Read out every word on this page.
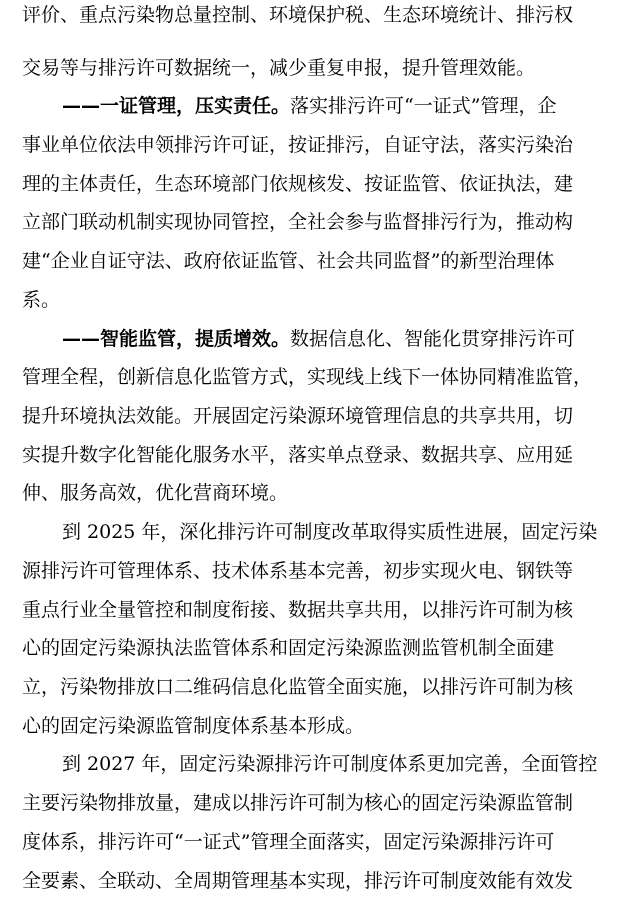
评价、重点污染物总量控制、环境保护税、生态环境统计、排污权
交易等与排污许可数据统一，减少重复申报，提升管理效能。
——一证管理，压实责任。落实排污许可“一证式”管理，企
事业单位依法申领排污许可证，按证排污，自证守法，落实污染治
理的主体责任，生态环境部门依规核发、按证监管、依证执法，建
立部门联动机制实现协同管控，全社会参与监督排污行为，推动构
建“企业自证守法、政府依证监管、社会共同监督”的新型治理体
系。
——智能监管，提质增效。数据信息化、智能化贯穿排污许可
管理全程，创新信息化监管方式，实现线上线下一体协同精准监管，
提升环境执法效能。开展固定污染源环境管理信息的共享共用，切
实提升数字化智能化服务水平，落实单点登录、数据共享、应用延
伸、服务高效，优化营商环境。
到 2025 年，深化排污许可制度改革取得实质性进展，固定污染
源排污许可管理体系、技术体系基本完善，初步实现火电、钢铁等
重点行业全量管控和制度衔接、数据共享共用，以排污许可制为核
心的固定污染源执法监管体系和固定污染源监测监管机制全面建
立，污染物排放口二维码信息化监管全面实施，以排污许可制为核
心的固定污染源监管制度体系基本形成。
到 2027 年，固定污染源排污许可制度体系更加完善，全面管控
主要污染物排放量，建成以排污许可制为核心的固定污染源监管制
度体系，排污许可“一证式”管理全面落实，固定污染源排污许可
全要素、全联动、全周期管理基本实现，排污许可制度效能有效发
